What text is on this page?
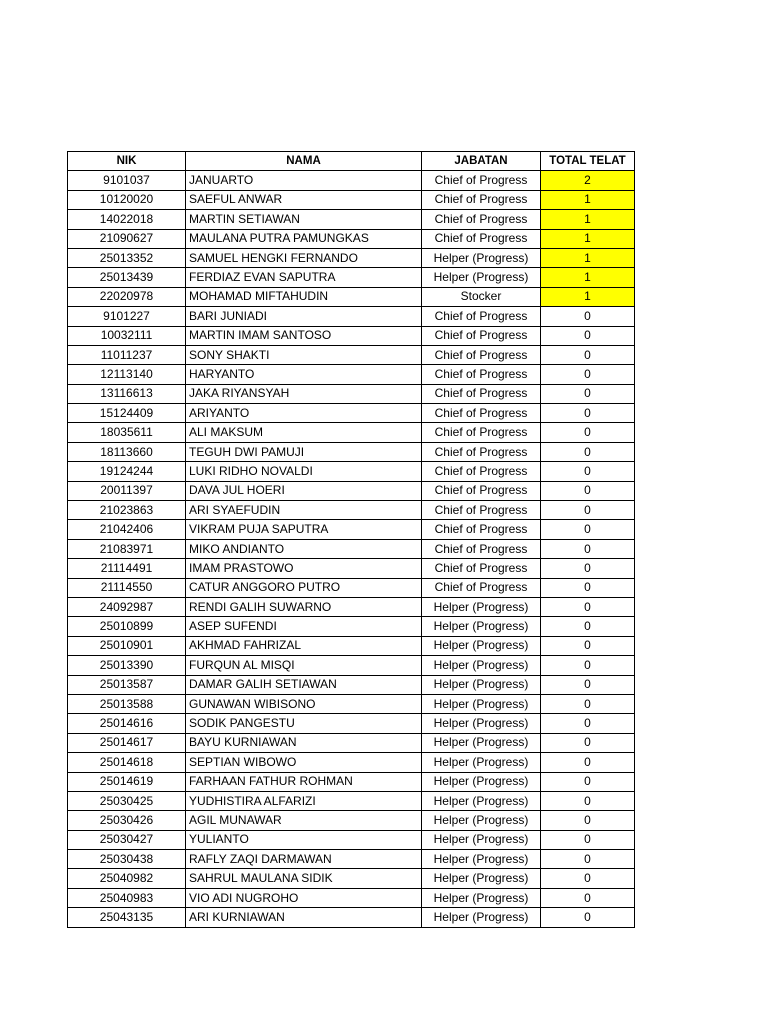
NIK	NAMA	JABATAN	TOTAL TELAT
9101037	JANUARTO	Chief of Progress	2
10120020	SAEFUL ANWAR	Chief of Progress	1
14022018	MARTIN SETIAWAN	Chief of Progress	1
21090627	MAULANA PUTRA PAMUNGKAS	Chief of Progress	1
25013352	SAMUEL HENGKI FERNANDO	Helper (Progress)	1
25013439	FERDIAZ EVAN SAPUTRA	Helper (Progress)	1
22020978	MOHAMAD MIFTAHUDIN	Stocker	1
9101227	BARI JUNIADI	Chief of Progress	0
10032111	MARTIN IMAM SANTOSO	Chief of Progress	0
11011237	SONY SHAKTI	Chief of Progress	0
12113140	HARYANTO	Chief of Progress	0
13116613	JAKA RIYANSYAH	Chief of Progress	0
15124409	ARIYANTO	Chief of Progress	0
18035611	ALI MAKSUM	Chief of Progress	0
18113660	TEGUH DWI PAMUJI	Chief of Progress	0
19124244	LUKI RIDHO NOVALDI	Chief of Progress	0
20011397	DAVA JUL HOERI	Chief of Progress	0
21023863	ARI SYAEFUDIN	Chief of Progress	0
21042406	VIKRAM PUJA SAPUTRA	Chief of Progress	0
21083971	MIKO ANDIANTO	Chief of Progress	0
21114491	IMAM PRASTOWO	Chief of Progress	0
21114550	CATUR ANGGORO PUTRO	Chief of Progress	0
24092987	RENDI GALIH SUWARNO	Helper (Progress)	0
25010899	ASEP SUFENDI	Helper (Progress)	0
25010901	AKHMAD FAHRIZAL	Helper (Progress)	0
25013390	FURQUN AL MISQI	Helper (Progress)	0
25013587	DAMAR GALIH SETIAWAN	Helper (Progress)	0
25013588	GUNAWAN WIBISONO	Helper (Progress)	0
25014616	SODIK PANGESTU	Helper (Progress)	0
25014617	BAYU KURNIAWAN	Helper (Progress)	0
25014618	SEPTIAN WIBOWO	Helper (Progress)	0
25014619	FARHAAN FATHUR ROHMAN	Helper (Progress)	0
25030425	YUDHISTIRA ALFARIZI	Helper (Progress)	0
25030426	AGIL MUNAWAR	Helper (Progress)	0
25030427	YULIANTO	Helper (Progress)	0
25030438	RAFLY ZAQI DARMAWAN	Helper (Progress)	0
25040982	SAHRUL MAULANA SIDIK	Helper (Progress)	0
25040983	VIO ADI NUGROHO	Helper (Progress)	0
25043135	ARI KURNIAWAN	Helper (Progress)	0
